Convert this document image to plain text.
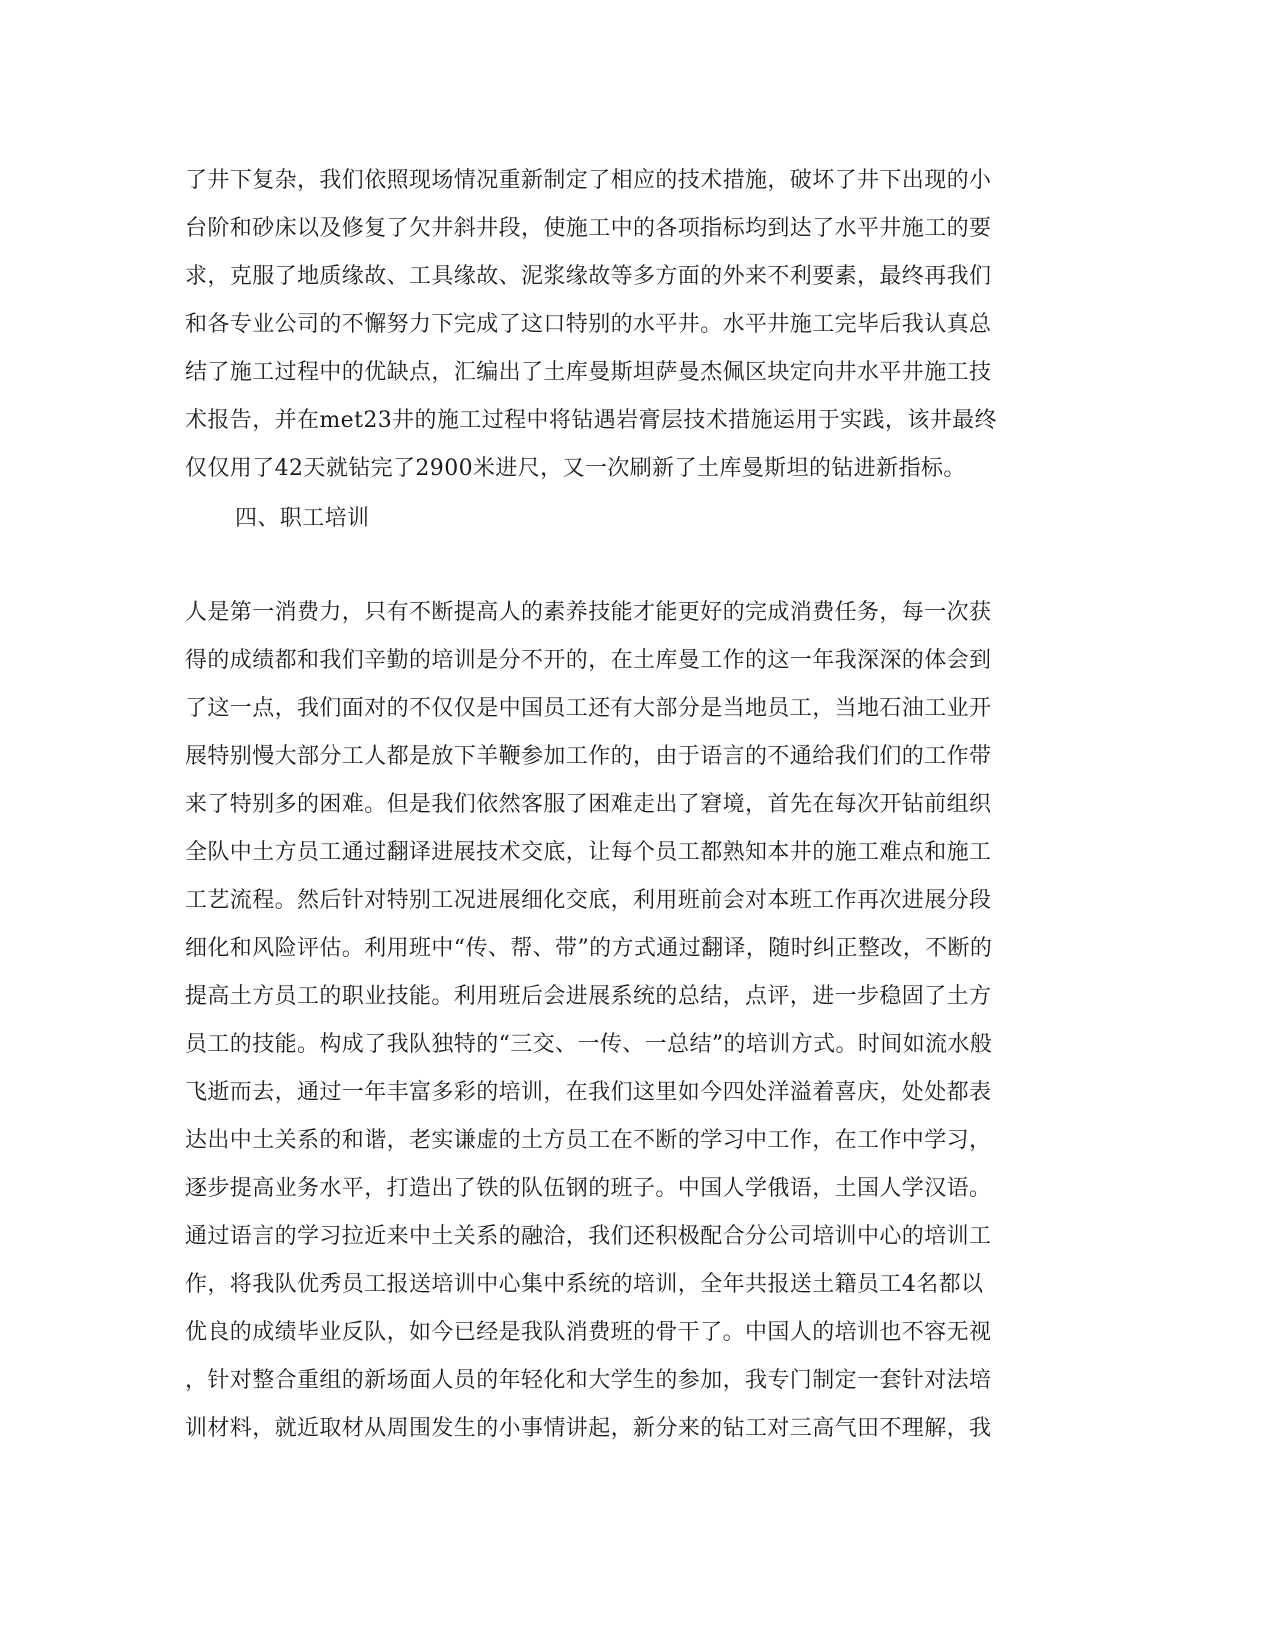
了井下复杂，我们依照现场情况重新制定了相应的技术措施，破坏了井下出现的小
台阶和砂床以及修复了欠井斜井段，使施工中的各项指标均到达了水平井施工的要
求，克服了地质缘故、工具缘故、泥浆缘故等多方面的外来不利要素，最终再我们
和各专业公司的不懈努力下完成了这口特别的水平井。水平井施工完毕后我认真总
结了施工过程中的优缺点，汇编出了土库曼斯坦萨曼杰佩区块定向井水平井施工技
术报告，并在met23井的施工过程中将钻遇岩膏层技术措施运用于实践，该井最终
仅仅用了42天就钻完了2900米进尺，又一次刷新了土库曼斯坦的钻进新指标。
四、职工培训
人是第一消费力，只有不断提高人的素养技能才能更好的完成消费任务，每一次获
得的成绩都和我们辛勤的培训是分不开的，在土库曼工作的这一年我深深的体会到
了这一点，我们面对的不仅仅是中国员工还有大部分是当地员工，当地石油工业开
展特别慢大部分工人都是放下羊鞭参加工作的，由于语言的不通给我们们的工作带
来了特别多的困难。但是我们依然客服了困难走出了窘境，首先在每次开钻前组织
全队中土方员工通过翻译进展技术交底，让每个员工都熟知本井的施工难点和施工
工艺流程。然后针对特别工况进展细化交底，利用班前会对本班工作再次进展分段
细化和风险评估。利用班中“传、帮、带”的方式通过翻译，随时纠正整改，不断的
提高土方员工的职业技能。利用班后会进展系统的总结，点评，进一步稳固了土方
员工的技能。构成了我队独特的“三交、一传、一总结”的培训方式。时间如流水般
飞逝而去，通过一年丰富多彩的培训，在我们这里如今四处洋溢着喜庆，处处都表
达出中土关系的和谐，老实谦虚的土方员工在不断的学习中工作，在工作中学习，
逐步提高业务水平，打造出了铁的队伍钢的班子。中国人学俄语，土国人学汉语。
通过语言的学习拉近来中土关系的融洽，我们还积极配合分公司培训中心的培训工
作，将我队优秀员工报送培训中心集中系统的培训，全年共报送土籍员工4名都以
优良的成绩毕业反队，如今已经是我队消费班的骨干了。中国人的培训也不容无视
，针对整合重组的新场面人员的年轻化和大学生的参加，我专门制定一套针对法培
训材料，就近取材从周围发生的小事情讲起，新分来的钻工对三高气田不理解，我
